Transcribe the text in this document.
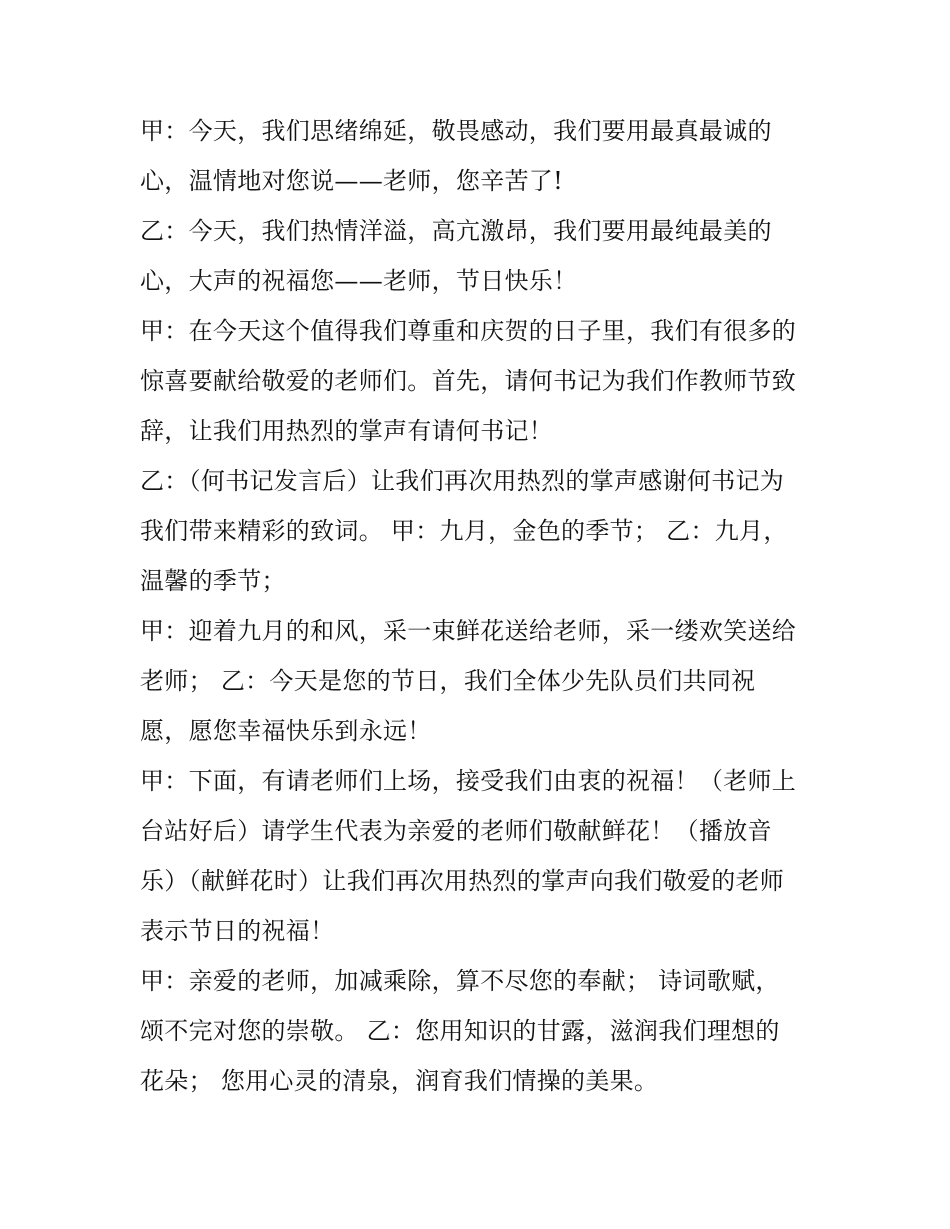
甲：今天，我们思绪绵延，敬畏感动，我们要用最真最诚的
心，温情地对您说——老师，您辛苦了!
乙：今天，我们热情洋溢，高亢激昂，我们要用最纯最美的
心，大声的祝福您——老师，节日快乐！
甲：在今天这个值得我们尊重和庆贺的日子里，我们有很多的
惊喜要献给敬爱的老师们。首先，请何书记为我们作教师节致
辞，让我们用热烈的掌声有请何书记！
乙：（何书记发言后）让我们再次用热烈的掌声感谢何书记为
我们带来精彩的致词。 甲：九月，金色的季节； 乙：九月，
温馨的季节；
甲：迎着九月的和风，采一束鲜花送给老师，采一缕欢笑送给
老师； 乙：今天是您的节日，我们全体少先队员们共同祝
愿，愿您幸福快乐到永远！
甲：下面，有请老师们上场，接受我们由衷的祝福！（老师上
台站好后）请学生代表为亲爱的老师们敬献鲜花！（播放音
乐）（献鲜花时）让我们再次用热烈的掌声向我们敬爱的老师
表示节日的祝福！
甲：亲爱的老师，加减乘除，算不尽您的奉献； 诗词歌赋，
颂不完对您的崇敬。 乙：您用知识的甘露，滋润我们理想的
花朵； 您用心灵的清泉，润育我们情操的美果。
